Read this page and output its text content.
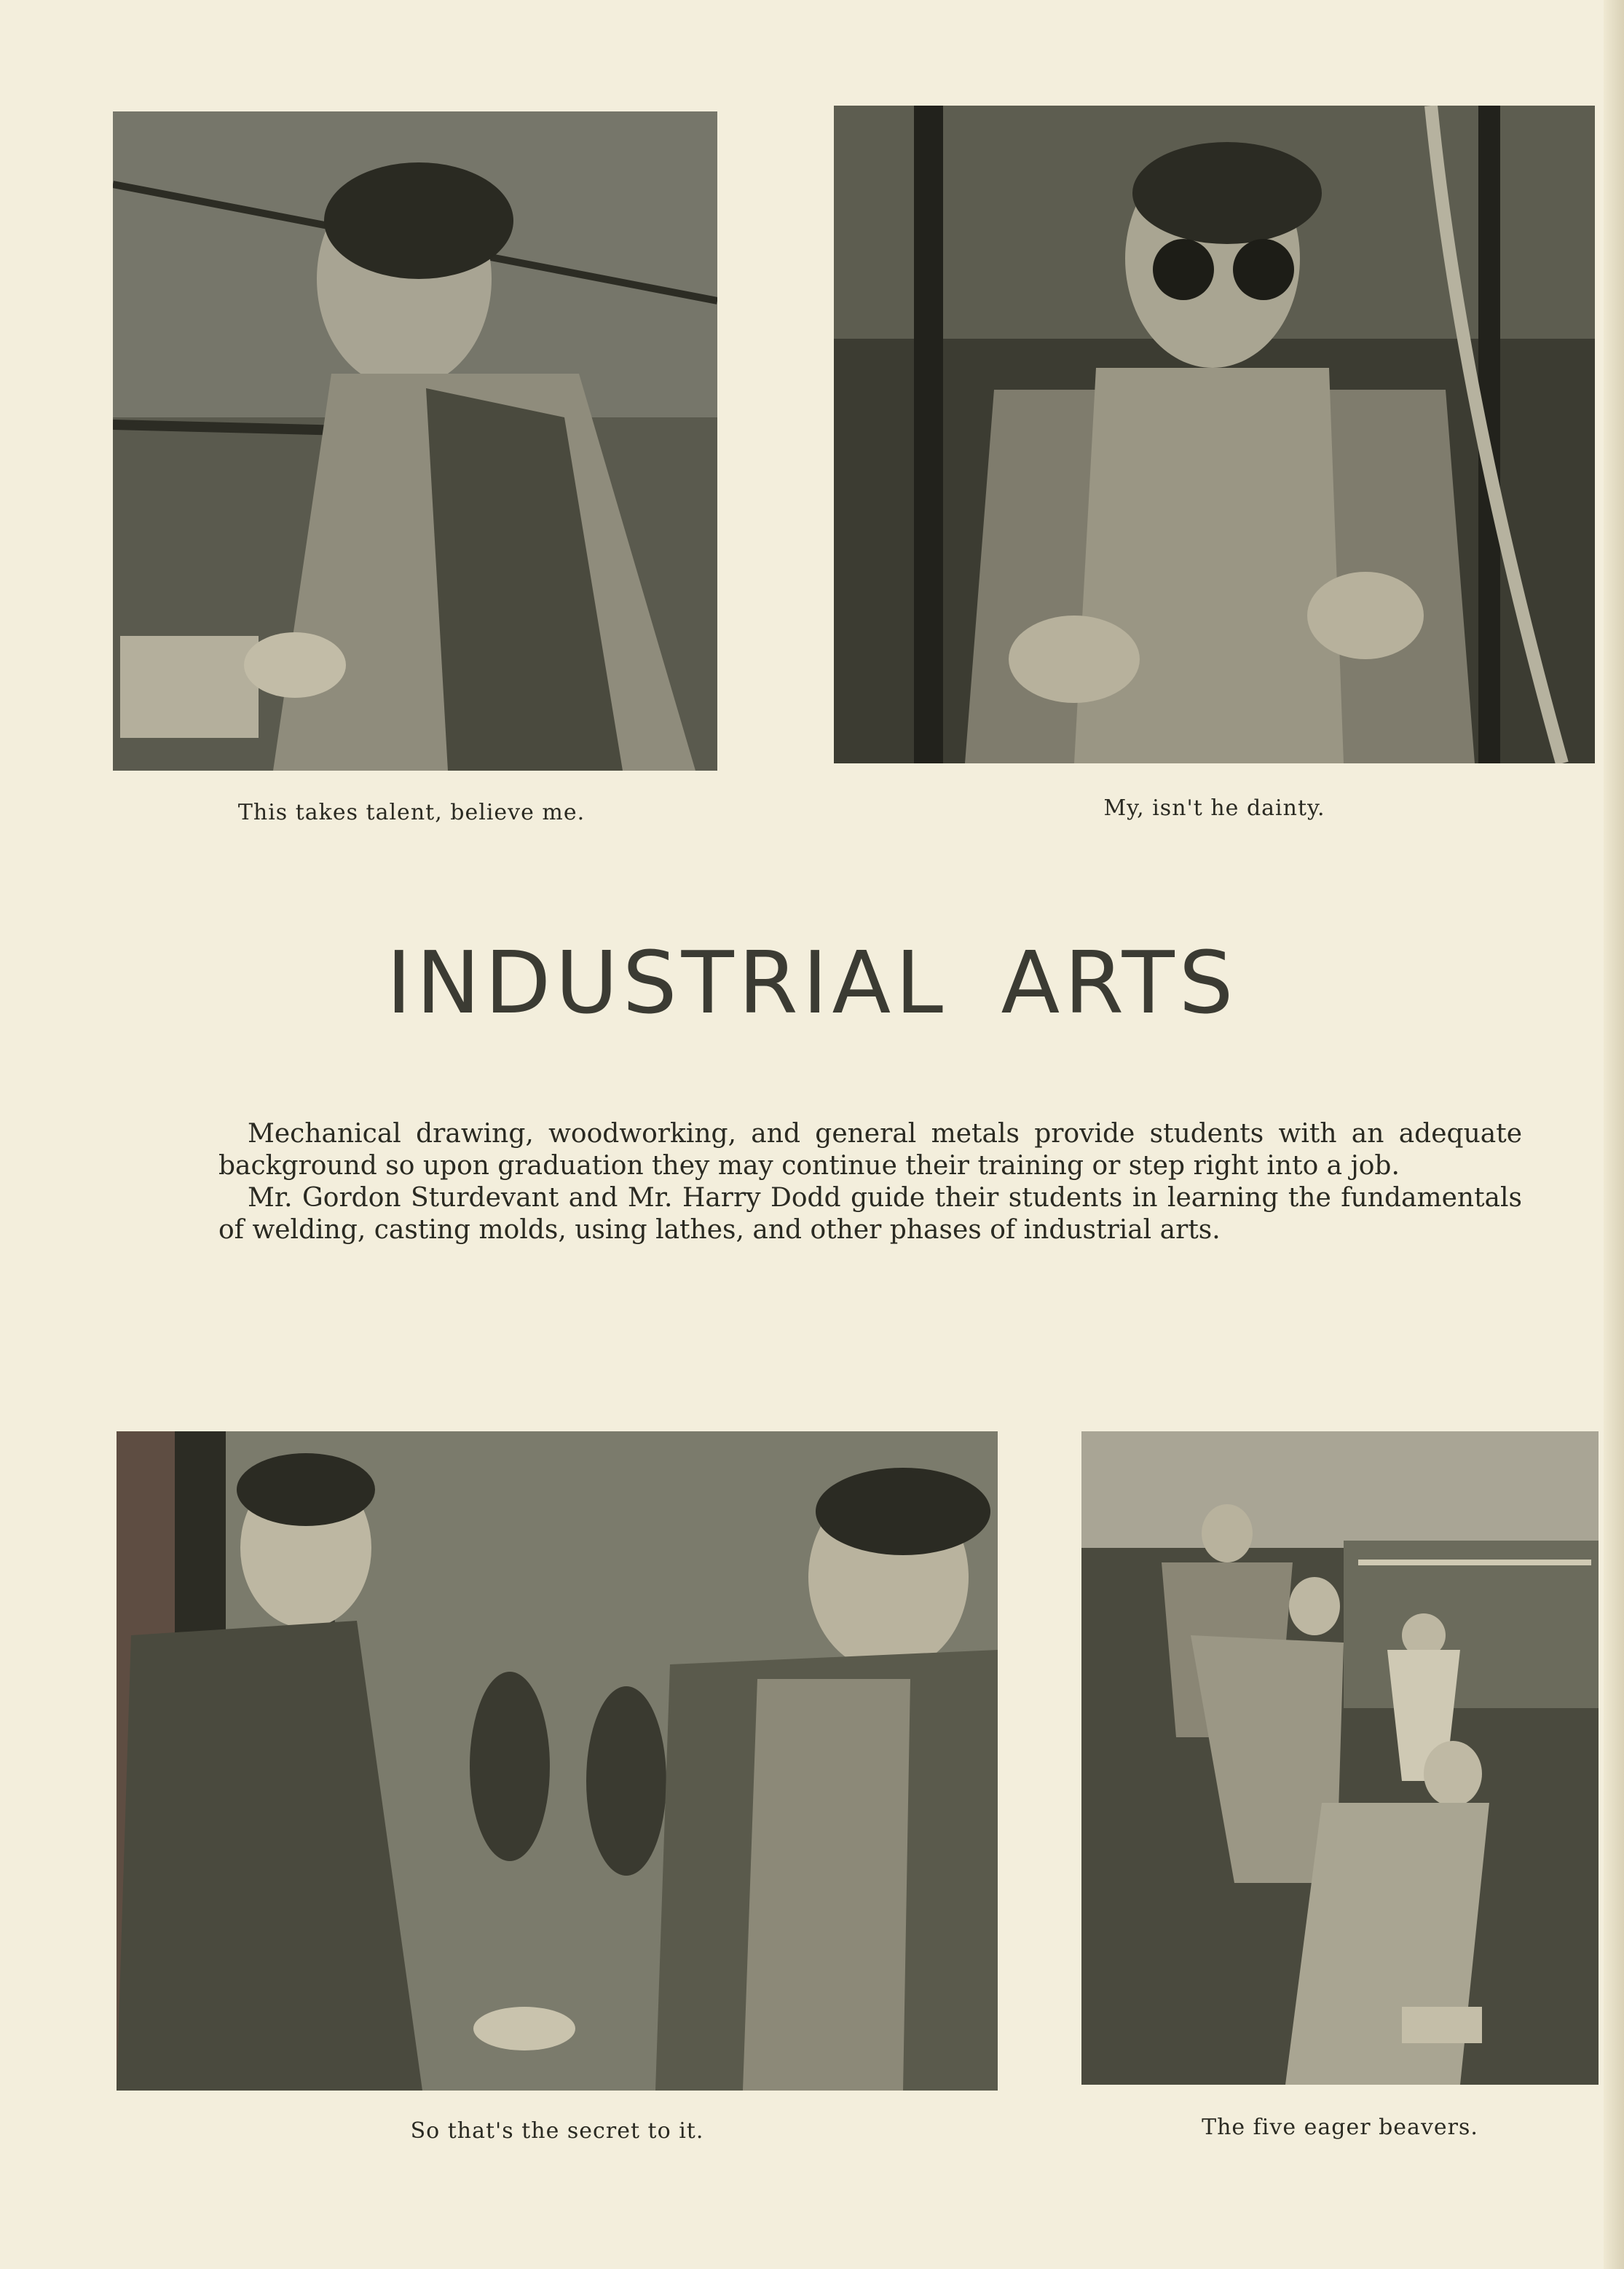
This takes talent, believe me.	My, isn't he dainty.
INDUSTRIAL ARTS

Mechanical drawing, woodworking, and general metals provide students with an adequate background so upon graduation they may continue their training or step right into a job.

Mr. Gordon Sturdevant and Mr. Harry Dodd guide their students in learning the fundamentals of welding, casting molds, using lathes, and other phases of industrial arts.

So that's the secret to it.	The five eager beavers.
